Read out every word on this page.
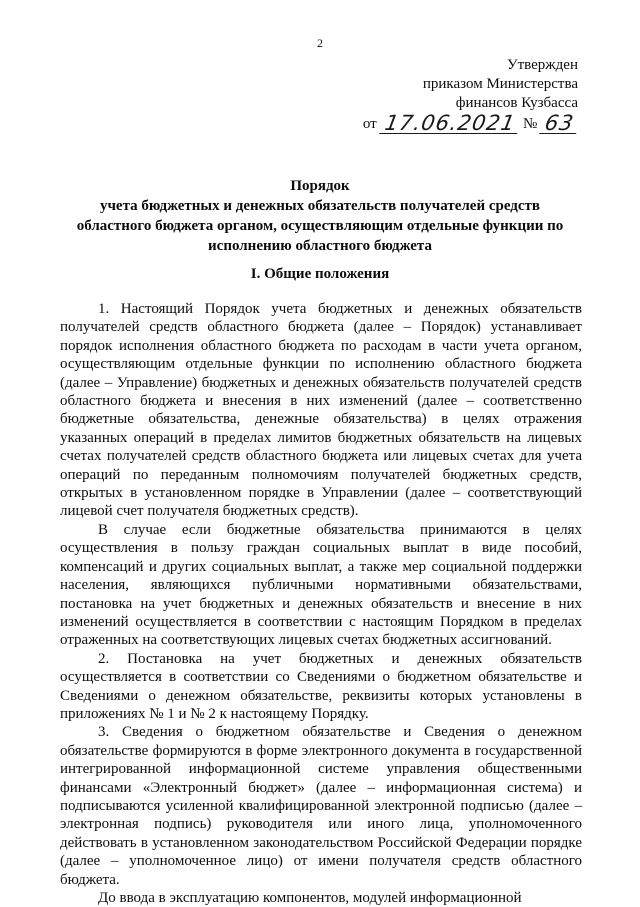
2
Утвержден
приказом Министерства
финансов Кузбасса
от 17.06.2021 № 63
Порядок
учета бюджетных и денежных обязательств получателей средств
областного бюджета органом, осуществляющим отдельные функции по
исполнению областного бюджета
I. Общие положения

1. Настоящий Порядок учета бюджетных и денежных обязательств получателей средств областного бюджета (далее – Порядок) устанавливает порядок исполнения областного бюджета по расходам в части учета органом, осуществляющим отдельные функции по исполнению областного бюджета (далее – Управление) бюджетных и денежных обязательств получателей средств областного бюджета и внесения в них изменений (далее – соответственно бюджетные обязательства, денежные обязательства) в целях отражения указанных операций в пределах лимитов бюджетных обязательств на лицевых счетах получателей средств областного бюджета или лицевых счетах для учета операций по переданным полномочиям получателей бюджетных средств, открытых в установленном порядке в Управлении (далее – соответствующий лицевой счет получателя бюджетных средств).

В случае если бюджетные обязательства принимаются в целях осуществления в пользу граждан социальных выплат в виде пособий, компенсаций и других социальных выплат, а также мер социальной поддержки населения, являющихся публичными нормативными обязательствами, постановка на учет бюджетных и денежных обязательств и внесение в них изменений осуществляется в соответствии с настоящим Порядком в пределах отраженных на соответствующих лицевых счетах бюджетных ассигнований.

2. Постановка на учет бюджетных и денежных обязательств осуществляется в соответствии со Сведениями о бюджетном обязательстве и Сведениями о денежном обязательстве, реквизиты которых установлены в приложениях № 1 и № 2 к настоящему Порядку.

3. Сведения о бюджетном обязательстве и Сведения о денежном обязательстве формируются в форме электронного документа в государственной интегрированной информационной системе управления общественными финансами «Электронный бюджет» (далее – информационная система) и подписываются усиленной квалифицированной электронной подписью (далее – электронная подпись) руководителя или иного лица, уполномоченного действовать в установленном законодательством Российской Федерации порядке (далее – уполномоченное лицо) от имени получателя средств областного бюджета.

До ввода в эксплуатацию компонентов, модулей информационной
